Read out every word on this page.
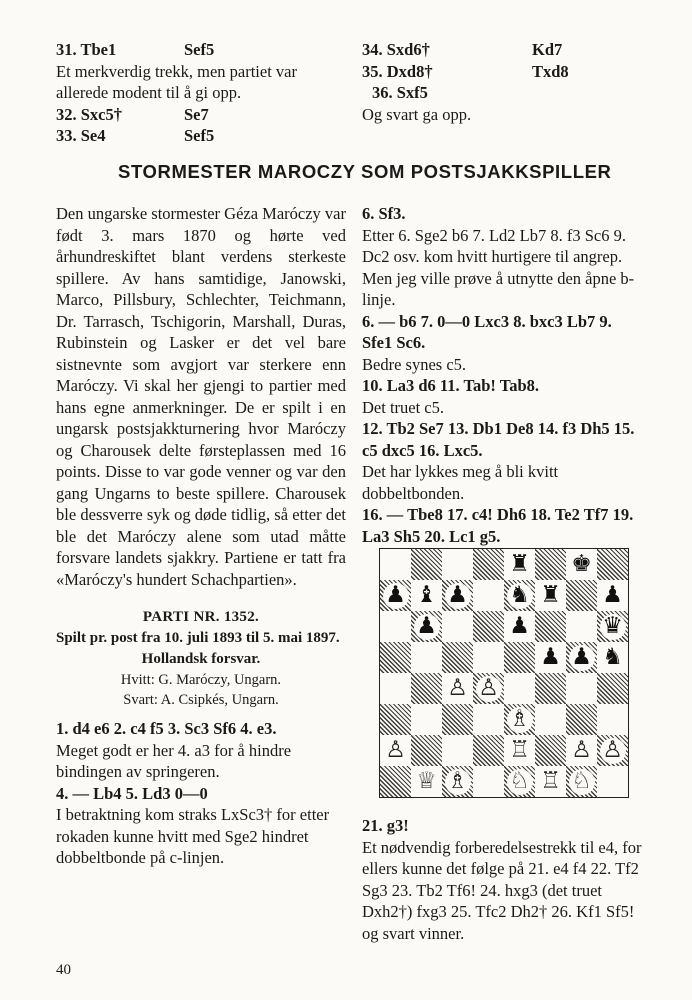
31. Tbe1	Sef5

Et merkverdig trekk, men partiet var allerede modent til å gi opp.

32. Sxc5†	Se7
33. Se4	Sef5
34. Sxd6†	Kd7
35. Dxd8†	Txd8
36. Sxf5

Og svart ga opp.

STORMESTER MAROCZY SOM POSTSJAKKSPILLER

Den ungarske stormester Géza Maróczy var født 3. mars 1870 og hørte ved århundreskiftet blant verdens sterkeste spillere. Av hans samtidige, Janowski, Marco, Pillsbury, Schlechter, Teichmann, Dr. Tarrasch, Tschigorin, Marshall, Duras, Rubinstein og Lasker er det vel bare sistnevnte som avgjort var sterkere enn Maróczy. Vi skal her gjengi to partier med hans egne anmerkninger. De er spilt i en ungarsk postsjakkturnering hvor Maróczy og Charousek delte førsteplassen med 16 points. Disse to var gode venner og var den gang Ungarns to beste spillere. Charousek ble dessverre syk og døde tidlig, så etter det ble det Maróczy alene som utad måtte forsvare landets sjakkry. Partiene er tatt fra «Maróczy's hundert Schachpartien».

PARTI NR. 1352.
Spilt pr. post fra 10. juli 1893 til 5. mai 1897.
Hollandsk forsvar.
Hvitt: G. Maróczy, Ungarn.
Svart: A. Csipkés, Ungarn.

1. d4 e6 2. c4 f5 3. Sc3 Sf6 4. e3.

Meget godt er her 4. a3 for å hindre bindingen av springeren.

4. — Lb4 5. Ld3 0—0

I betraktning kom straks LxSc3† for etter rokaden kunne hvitt med Sge2 hindret dobbeltbonde på c-linjen.

6. Sf3.

Etter 6. Sge2 b6 7. Ld2 Lb7 8. f3 Sc6 9. Dc2 osv. kom hvitt hurtigere til angrep. Men jeg ville prøve å utnytte den åpne b-linje.

6. — b6 7. 0—0 Lxc3 8. bxc3 Lb7 9. Sfe1 Sc6.

Bedre synes c5.

10. La3 d6 11. Tab! Tab8.

Det truet c5.

12. Tb2 Se7 13. Db1 De8 14. f3 Dh5 15. c5 dxc5 16. Lxc5.

Det har lykkes meg å bli kvitt dobbeltbonden.

16. — Tbe8 17. c4! Dh6 18. Te2 Tf7 19. La3 Sh5 20. Lc1 g5.

♜ ♚
♟ ♝ ♟ ♞ ♜ ♟
♟	♟	♛
♟ ♟ ♞
♙ ♙
♗
♙	♖ ♙ ♙
♕ ♗ ♘ ♖ ♘

21. g3!

Et nødvendig forberedelsestrekk til e4, for ellers kunne det følge på 21. e4 f4 22. Tf2 Sg3 23. Tb2 Tf6! 24. hxg3 (det truet Dxh2†) fxg3 25. Tfc2 Dh2† 26. Kf1 Sf5! og svart vinner.

40
